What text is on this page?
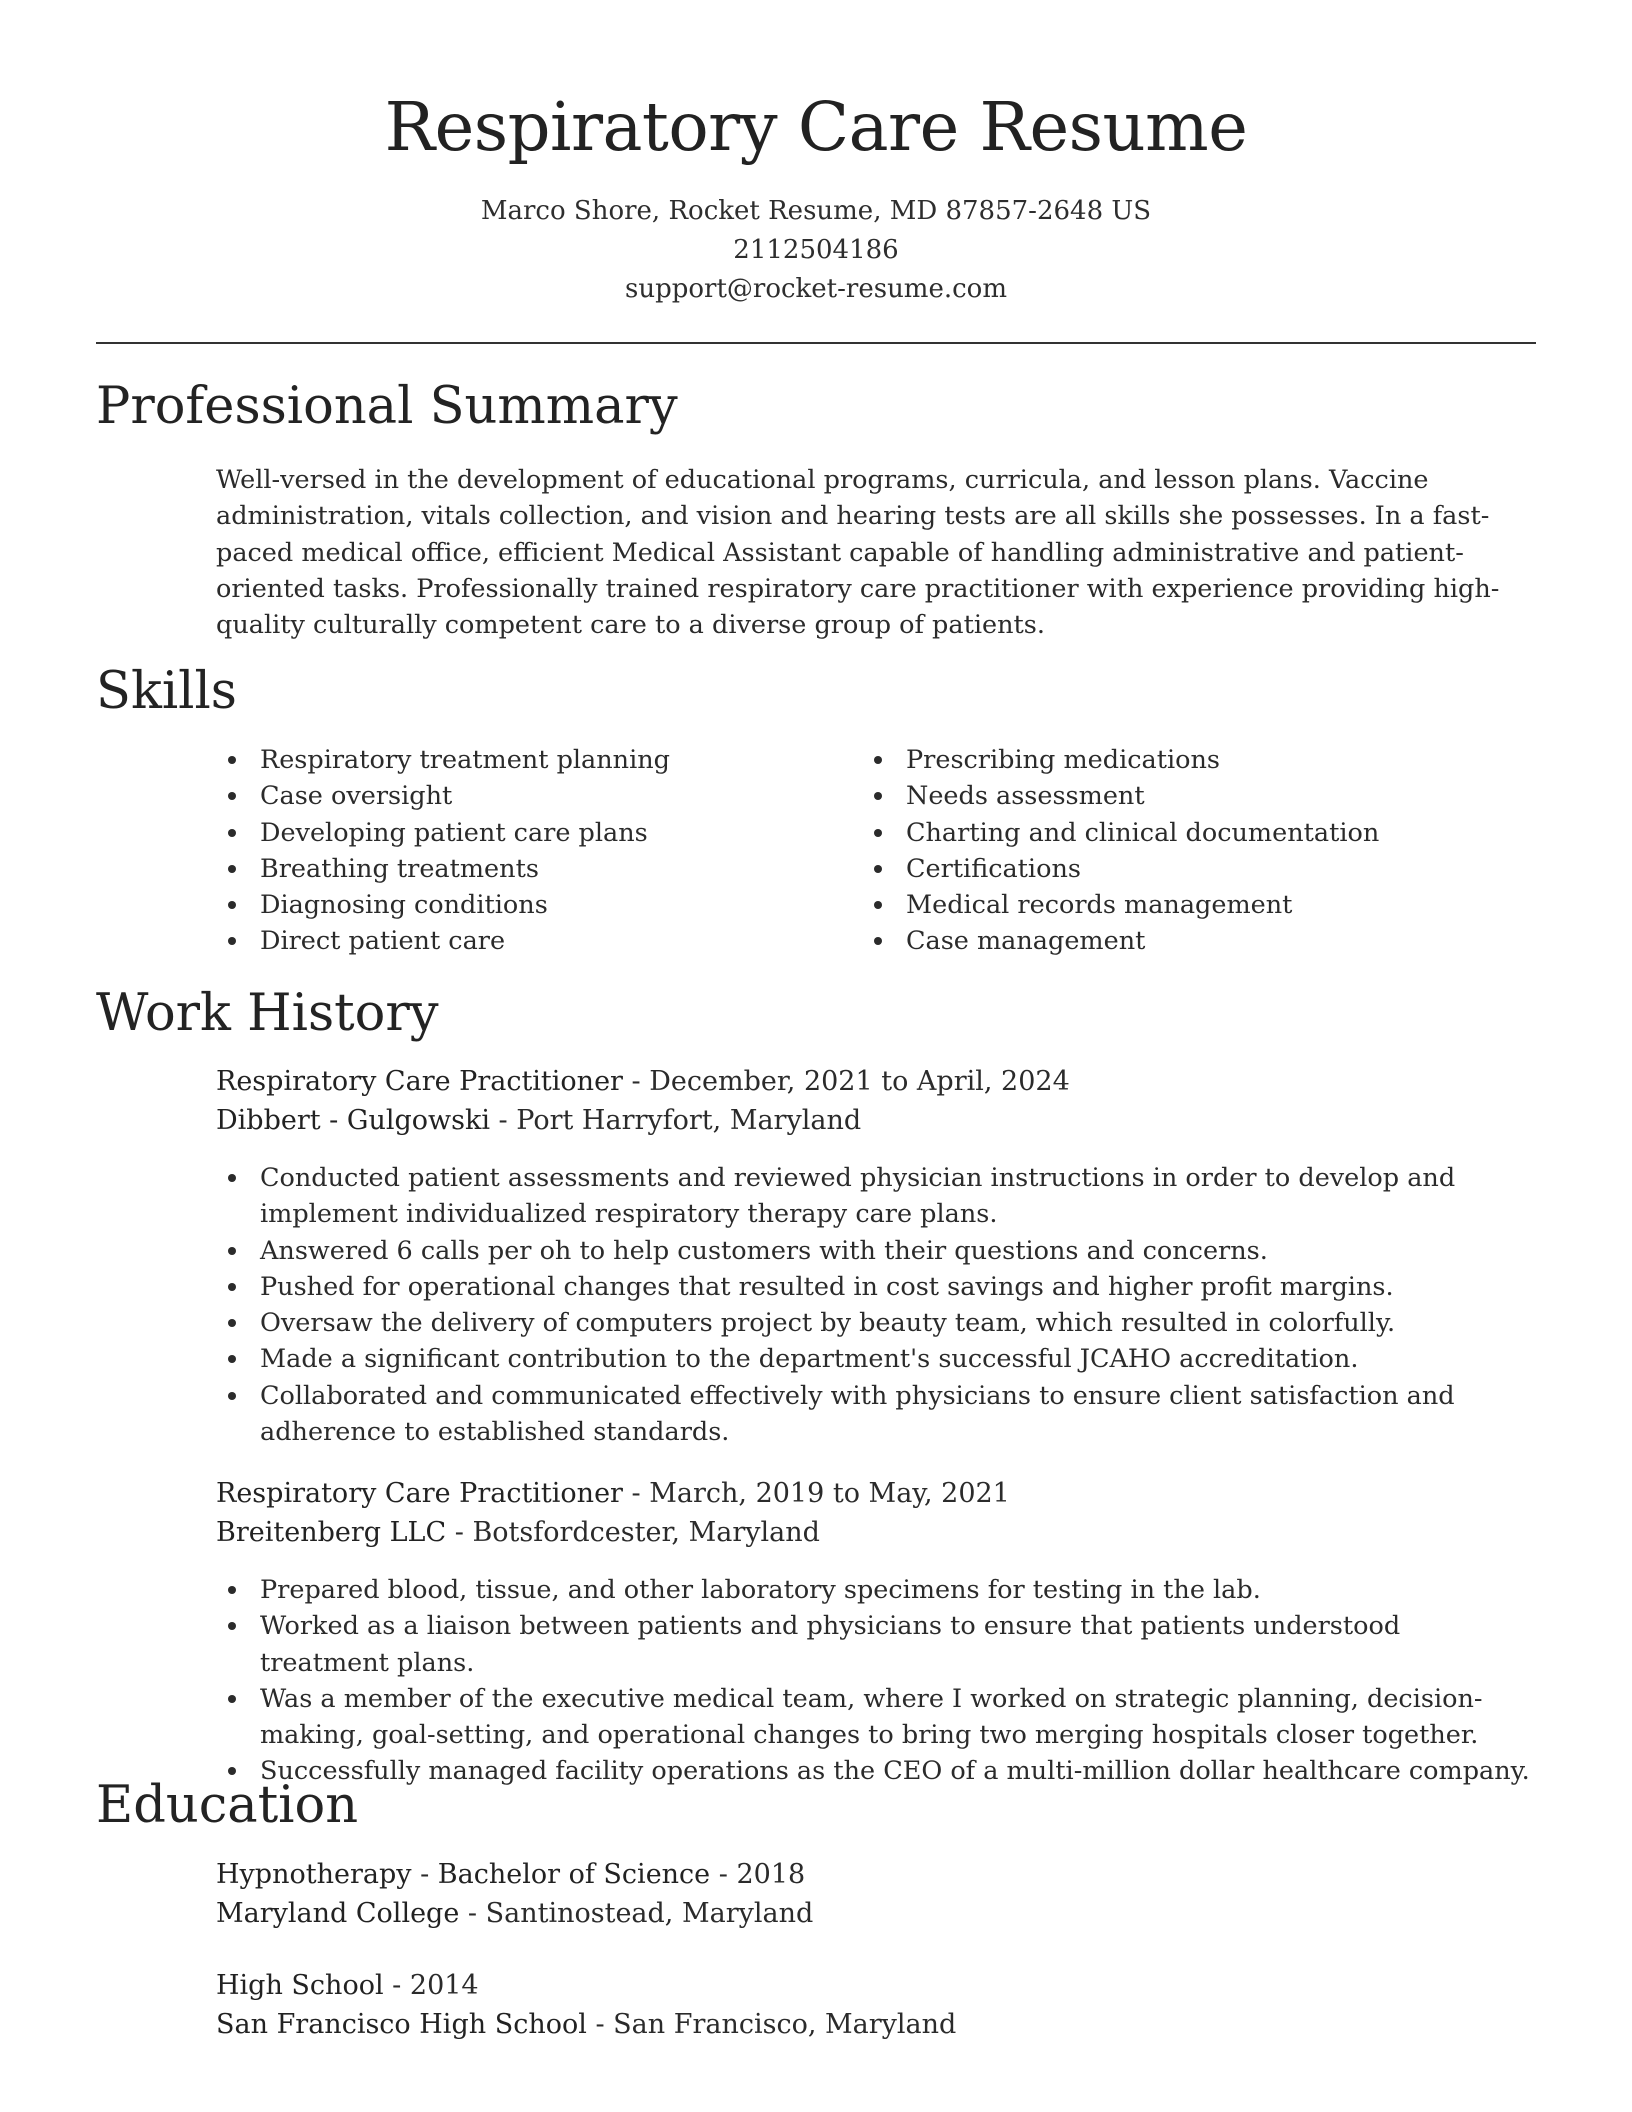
Respiratory Care Resume
Marco Shore, Rocket Resume, MD 87857-2648 US
2112504186
support@rocket-resume.com
Professional Summary
Well-versed in the development of educational programs, curricula, and lesson plans. Vaccine administration, vitals collection, and vision and hearing tests are all skills she possesses. In a fast-paced medical office, efficient Medical Assistant capable of handling administrative and patient-oriented tasks. Professionally trained respiratory care practitioner with experience providing high-quality culturally competent care to a diverse group of patients.
Skills
Respiratory treatment planning
Case oversight
Developing patient care plans
Breathing treatments
Diagnosing conditions
Direct patient care
Prescribing medications
Needs assessment
Charting and clinical documentation
Certifications
Medical records management
Case management
Work History
Respiratory Care Practitioner - December, 2021 to April, 2024
Dibbert - Gulgowski - Port Harryfort, Maryland
Conducted patient assessments and reviewed physician instructions in order to develop and implement individualized respiratory therapy care plans.
Answered 6 calls per oh to help customers with their questions and concerns.
Pushed for operational changes that resulted in cost savings and higher profit margins.
Oversaw the delivery of computers project by beauty team, which resulted in colorfully.
Made a significant contribution to the department's successful JCAHO accreditation.
Collaborated and communicated effectively with physicians to ensure client satisfaction and adherence to established standards.
Respiratory Care Practitioner - March, 2019 to May, 2021
Breitenberg LLC - Botsfordcester, Maryland
Prepared blood, tissue, and other laboratory specimens for testing in the lab.
Worked as a liaison between patients and physicians to ensure that patients understood treatment plans.
Was a member of the executive medical team, where I worked on strategic planning, decision-making, goal-setting, and operational changes to bring two merging hospitals closer together.
Successfully managed facility operations as the CEO of a multi-million dollar healthcare company.
Education
Hypnotherapy - Bachelor of Science - 2018
Maryland College - Santinostead, Maryland
High School - 2014
San Francisco High School - San Francisco, Maryland
